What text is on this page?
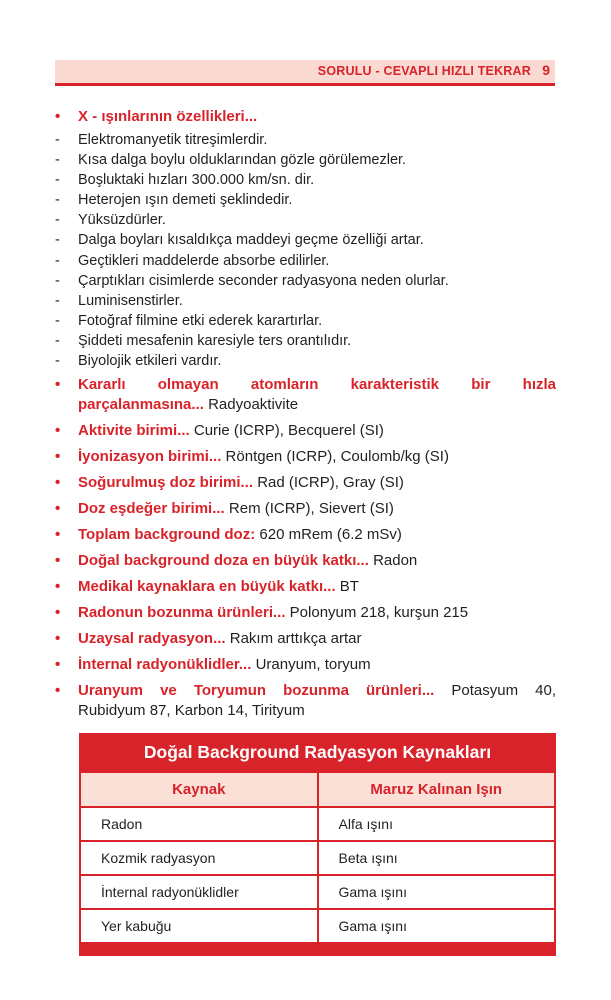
SORULU - CEVAPLI HIZLI TEKRAR 9
• X - ışınlarının özellikleri...
- Elektromanyetik titreşimlerdir.
- Kısa dalga boylu olduklarından gözle görülemezler.
- Boşluktaki hızları 300.000 km/sn. dir.
- Heterojen ışın demeti şeklindedir.
- Yüksüzdürler.
- Dalga boyları kısaldıkça maddeyi geçme özelliği artar.
- Geçtikleri maddelerde absorbe edilirler.
- Çarptıkları cisimlerde seconder radyasyona neden olurlar.
- Luminisenstirler.
- Fotoğraf filmine etki ederek karartırlar.
- Şiddeti mesafenin karesiyle ters orantılıdır.
- Biyolojik etkileri vardır.
• Kararlı olmayan atomların karakteristik bir hızla
parçalanmasına... Radyoaktivite
• Aktivite birimi... Curie (ICRP), Becquerel (SI)
• İyonizasyon birimi... Röntgen (ICRP), Coulomb/kg (SI)
• Soğurulmuş doz birimi... Rad (ICRP), Gray (SI)
• Doz eşdeğer birimi... Rem (ICRP), Sievert (SI)
• Toplam background doz: 620 mRem (6.2 mSv)
• Doğal background doza en büyük katkı... Radon
• Medikal kaynaklara en büyük katkı... BT
• Radonun bozunma ürünleri... Polonyum 218, kurşun 215
• Uzaysal radyasyon... Rakım arttıkça artar
• İnternal radyonüklidler... Uranyum, toryum
• Uranyum ve Toryumun bozunma ürünleri... Potasyum 40,
Rubidyum 87, Karbon 14, Tirityum
Doğal Background Radyasyon Kaynakları
Kaynak	Maruz Kalınan Işın
Radon	Alfa ışını
Kozmik radyasyon	Beta ışını
İnternal radyonüklidler	Gama ışını
Yer kabuğu	Gama ışını
